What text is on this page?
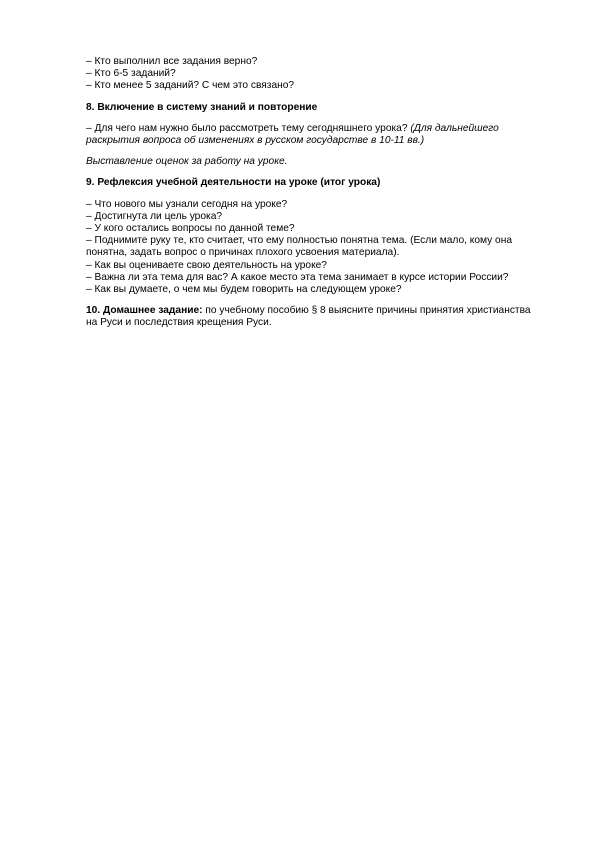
– Кто выполнил все задания верно?

– Кто 6-5 заданий?

– Кто менее 5 заданий? С чем это связано?

8. Включение в систему знаний и повторение

– Для чего нам нужно было рассмотреть тему сегодняшнего урока? (Для дальнейшего

раскрытия вопроса об изменениях в русском государстве в 10-11 вв.)

Выставление оценок за работу на уроке.

9. Рефлексия учебной деятельности на уроке (итог урока)

– Что нового мы узнали сегодня на уроке?

– Достигнута ли цель урока?

– У кого остались вопросы по данной теме?

– Поднимите руку те, кто считает, что ему полностью понятна тема. (Если мало, кому она

понятна, задать вопрос о причинах плохого усвоения материала).

– Как вы оцениваете свою деятельность на уроке?

– Важна ли эта тема для вас? А какое место эта тема занимает в курсе истории России?

– Как вы думаете, о чем мы будем говорить на следующем уроке?

10. Домашнее задание: по учебному пособию § 8 выясните причины принятия христианства

на Руси и последствия крещения Руси.
